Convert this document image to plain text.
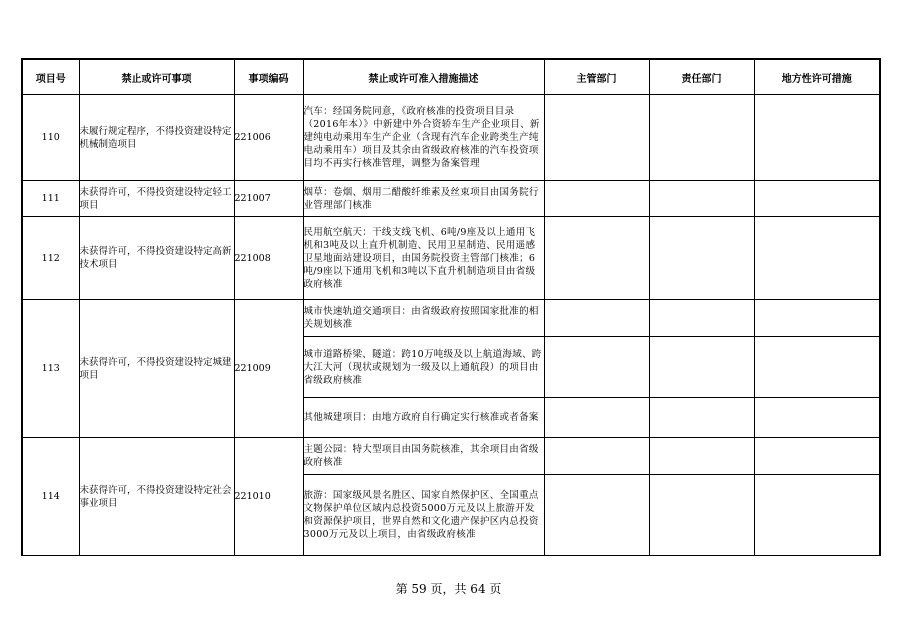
项目号	禁止或许可事项	事项编码	禁止或许可准入措施描述	主管部门	责任部门	地方性许可措施
110	未履行规定程序，不得投资建设特定机械制造项目	221006	汽车：经国务院同意，《政府核准的投资项目目录（2016年本）》中新建中外合资轿车生产企业项目、新建纯电动乘用车生产企业（含现有汽车企业跨类生产纯电动乘用车）项目及其余由省级政府核准的汽车投资项目均不再实行核准管理，调整为备案管理			
111	未获得许可，不得投资建设特定轻工项目	221007	烟草：卷烟、烟用二醋酸纤维素及丝束项目由国务院行业管理部门核准			
112	未获得许可，不得投资建设特定高新技术项目	221008	民用航空航天：干线支线飞机、6吨/9座及以上通用飞机和3吨及以上直升机制造、民用卫星制造、民用遥感卫星地面站建设项目，由国务院投资主管部门核准；6吨/9座以下通用飞机和3吨以下直升机制造项目由省级政府核准			
113	未获得许可，不得投资建设特定城建项目	221009	城市快速轨道交通项目：由省级政府按照国家批准的相关规划核准			
			城市道路桥梁、隧道：跨10万吨级及以上航道海域、跨大江大河（现状或规划为一级及以上通航段）的项目由省级政府核准			
			其他城建项目：由地方政府自行确定实行核准或者备案			
114	未获得许可，不得投资建设特定社会事业项目	221010	主题公园：特大型项目由国务院核准，其余项目由省级政府核准			
			旅游：国家级风景名胜区、国家自然保护区、全国重点文物保护单位区域内总投资5000万元及以上旅游开发和资源保护项目，世界自然和文化遗产保护区内总投资3000万元及以上项目，由省级政府核准			
第 59 页，共 64 页
